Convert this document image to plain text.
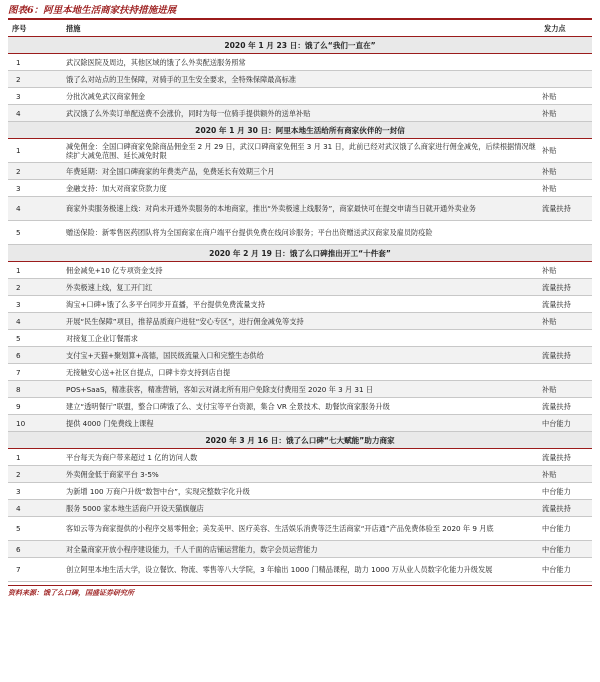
图表6：阿里本地生活商家扶持措施进展
序号	措施	发力点
2020 年 1 月 23 日：饿了么“我们一直在”		
1	武汉除医院及周边，其他区域的饿了么外卖配送服务照常	
2	饿了么对站点的卫生保障，对骑手的卫生安全要求，全特殊保障最高标准	
3	分批次减免武汉商家佣金	补贴
4	武汉饿了么外卖订单配送费不会涨价，同时为每一位骑手提供额外的送单补贴	补贴
2020 年 1 月 30 日：阿里本地生活给所有商家伙伴的一封信		
1	减免佣金：全国口碑商家免除商品佣金至 2 月 29 日，武汉口碑商家免佣至 3 月 31 日，此前已经对武汉饿了么商家进行佣金减免，后续根据情况继续扩大减免范围、延长减免时限	补贴
2	年费延期：对全国口碑商家的年费类产品，免费延长有效期三个月	补贴
3	金融支持：加大对商家贷款力度	补贴
4	商家外卖服务极速上线：对尚未开通外卖服务的本地商家，推出“外卖极速上线服务”，商家最快可在提交申请当日就开通外卖业务	流量扶持
5	赠送保险：新零售医药团队将为全国商家在商户端平台提供免费在线问诊服务；平台出资赠送武汉商家及雇员防疫险	
2020 年 2 月 19 日：饿了么口碑推出开工“十件套”		
1	佣金减免+10 亿专项资金支持	补贴
2	外卖极速上线，复工开门红	流量扶持
3	淘宝+口碑+饿了么多平台同步开直播，平台提供免费流量支持	流量扶持
4	开展“民生保障”项目，推荐品质商户进驻“安心专区”，进行佣金减免等支持	补贴
5	对接复工企业订餐需求	
6	支付宝+天猫+聚划算+高德，国民级流量入口和完整生态供给	流量扶持
7	无接触安心送+社区自提点，口碑卡券支持到店自提	
8	POS+SaaS，精准获客，精准营销，客如云对湖北所有用户免除支付费用至 2020 年 3 月 31 日	补贴
9	建立“透明餐厅”联盟，整合口碑饿了么、支付宝等平台资源，集合 VR 全景技术、助餐饮商家服务升级	流量扶持
10	提供 4000 门免费线上课程	中台能力
2020 年 3 月 16 日：饿了么口碑“七大赋能”助力商家		
1	平台每天为商户带来超过 1 亿的访问人数	流量扶持
2	外卖佣金低于商家平台 3-5%	补贴
3	为新增 100 万商户升级“数智中台”，实现完整数字化升级	中台能力
4	服务 5000 家本地生活商户开设天猫旗舰店	流量扶持
5	客如云等为商家提供的小程序交易零佣金；美发美甲、医疗美容、生活娱乐消费等泛生活商家“开店通”产品免费体验至 2020 年 9 月底	中台能力
6	对全量商家开放小程序建设能力，千人千面的店铺运营能力，数字会员运营能力	中台能力
7	创立阿里本地生活大学，设立餐饮、物流、零售等八大学院，3 年输出 1000 门精品课程，助力 1000 万从业人员数字化能力升级发展	中台能力
资料来源：饿了么口碑，国盛证券研究所
